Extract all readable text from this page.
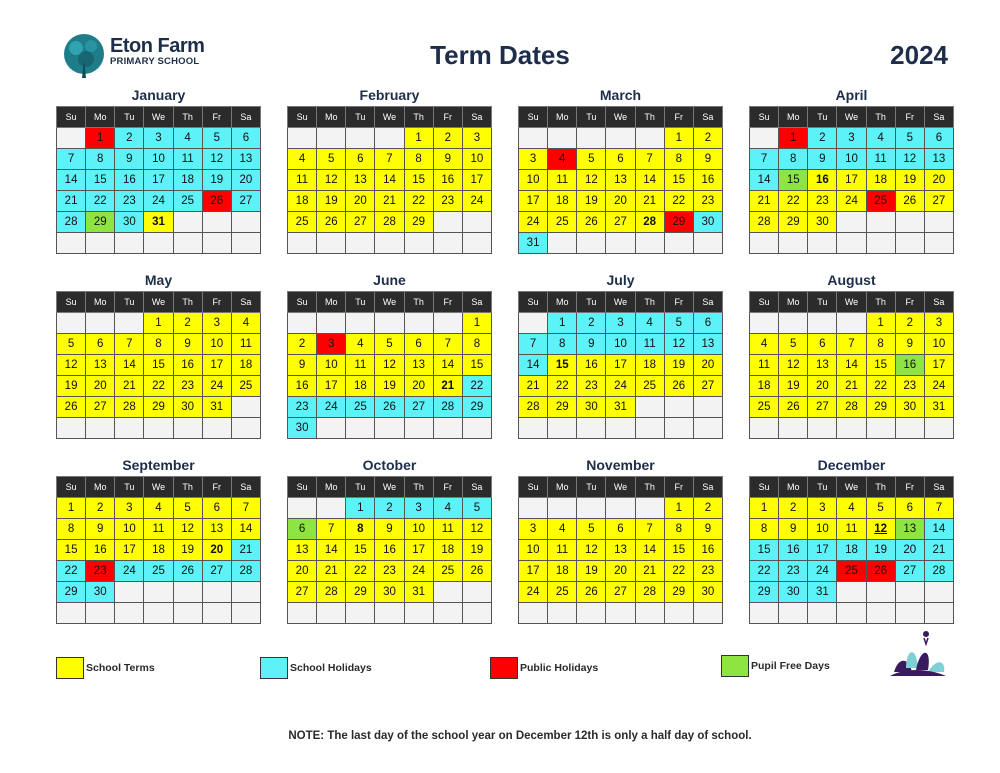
Eton Farm
PRIMARY SCHOOL	Term Dates	2024
January
Su	Mo	Tu	We	Th	Fr	Sa
	1	2	3	4	5	6
7	8	9	10	11	12	13
14	15	16	17	18	19	20
21	22	23	24	25	26	27
28	29	30	31			

February
Su	Mo	Tu	We	Th	Fr	Sa
				1	2	3
4	5	6	7	8	9	10
11	12	13	14	15	16	17
18	19	20	21	22	23	24
25	26	27	28	29		

March
Su	Mo	Tu	We	Th	Fr	Sa
					1	2
3	4	5	6	7	8	9
10	11	12	13	14	15	16
17	18	19	20	21	22	23
24	25	26	27	28	29	30
31						
April
Su	Mo	Tu	We	Th	Fr	Sa
	1	2	3	4	5	6
7	8	9	10	11	12	13
14	15	16	17	18	19	20
21	22	23	24	25	26	27
28	29	30				

May
Su	Mo	Tu	We	Th	Fr	Sa
			1	2	3	4
5	6	7	8	9	10	11
12	13	14	15	16	17	18
19	20	21	22	23	24	25
26	27	28	29	30	31	

June
Su	Mo	Tu	We	Th	Fr	Sa
						1
2	3	4	5	6	7	8
9	10	11	12	13	14	15
16	17	18	19	20	21	22
23	24	25	26	27	28	29
30						
July
Su	Mo	Tu	We	Th	Fr	Sa
	1	2	3	4	5	6
7	8	9	10	11	12	13
14	15	16	17	18	19	20
21	22	23	24	25	26	27
28	29	30	31			

August
Su	Mo	Tu	We	Th	Fr	Sa
				1	2	3
4	5	6	7	8	9	10
11	12	13	14	15	16	17
18	19	20	21	22	23	24
25	26	27	28	29	30	31

September
Su	Mo	Tu	We	Th	Fr	Sa
1	2	3	4	5	6	7
8	9	10	11	12	13	14
15	16	17	18	19	20	21
22	23	24	25	26	27	28
29	30					

October
Su	Mo	Tu	We	Th	Fr	Sa
		1	2	3	4	5
6	7	8	9	10	11	12
13	14	15	16	17	18	19
20	21	22	23	24	25	26
27	28	29	30	31		

November
Su	Mo	Tu	We	Th	Fr	Sa
					1	2
3	4	5	6	7	8	9
10	11	12	13	14	15	16
17	18	19	20	21	22	23
24	25	26	27	28	29	30

December
Su	Mo	Tu	We	Th	Fr	Sa
1	2	3	4	5	6	7
8	9	10	11	12	13	14
15	16	17	18	19	20	21
22	23	24	25	26	27	28
29	30	31				

School Terms	School Holidays	Public Holidays	Pupil Free Days
NOTE: The last day of the school year on December 12th is only a half day of school.
